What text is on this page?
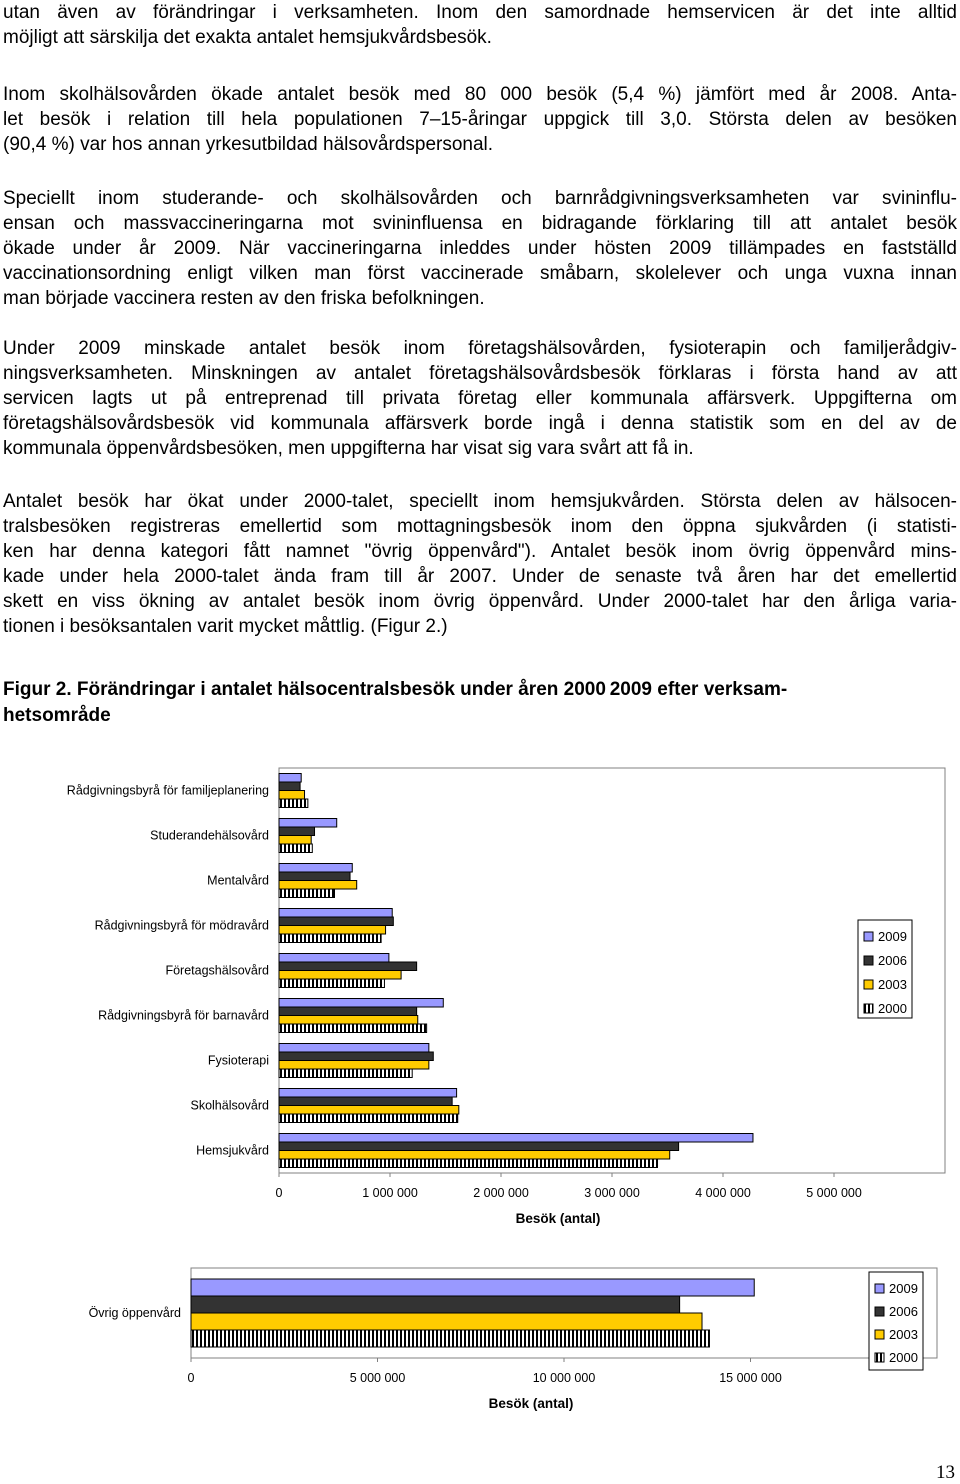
utan även av förändringar i verksamheten. Inom den samordnade hemservicen är det inte alltid
möjligt att särskilja det exakta antalet hemsjukvårdsbesök.
Inom skolhälsovården ökade antalet besök med 80 000 besök (5,4 %) jämfört med år 2008. Anta-
let besök i relation till hela populationen 7–15-åringar uppgick till 3,0. Största delen av besöken
(90,4 %) var hos annan yrkesutbildad hälsovårdspersonal.
Speciellt inom studerande- och skolhälsovården och barnrådgivningsverksamheten var svininflu-
ensan och massvaccineringarna mot svininfluensa en bidragande förklaring till att antalet besök
ökade under år 2009. När vaccineringarna inleddes under hösten 2009 tillämpades en fastställd
vaccinationsordning enligt vilken man först vaccinerade småbarn, skolelever och unga vuxna innan
man började vaccinera resten av den friska befolkningen.
Under 2009 minskade antalet besök inom företagshälsovården, fysioterapin och familjerådgiv-
ningsverksamheten. Minskningen av antalet företagshälsovårdsbesök förklaras i första hand av att
servicen lagts ut på entreprenad till privata företag eller kommunala affärsverk. Uppgifterna om
företagshälsovårdsbesök vid kommunala affärsverk borde ingå i denna statistik som en del av de
kommunala öppenvårdsbesöken, men uppgifterna har visat sig vara svårt att få in.
Antalet besök har ökat under 2000-talet, speciellt inom hemsjukvården. Största delen av hälsocen-
tralsbesöken registreras emellertid som mottagningsbesök inom den öppna sjukvården (i statisti-
ken har denna kategori fått namnet "övrig öppenvård"). Antalet besök inom övrig öppenvård mins-
kade under hela 2000-talet ända fram till år 2007. Under de senaste två åren har det emellertid
skett en viss ökning av antalet besök inom övrig öppenvård. Under 2000-talet har den årliga varia-
tionen i besöksantalen varit mycket måttlig. (Figur 2.)
Figur 2. Förändringar i antalet hälsocentralsbesök under åren 2000 2009 efter verksam-
hetsområde
Rådgivningsbyrå för familjeplanering
Studerandehälsovård
Mentalvård
Rådgivningsbyrå för mödravård
Företagshälsovård
Rådgivningsbyrå för barnavård
Fysioterapi
Skolhälsovård
Hemsjukvård
0	1 000 000	2 000 000	3 000 000	4 000 000	5 000 000
Besök (antal)
2009
2006
2003
2000
Övrig öppenvård
0	5 000 000	10 000 000	15 000 000
Besök (antal)
2009
2006
2003
2000
13
